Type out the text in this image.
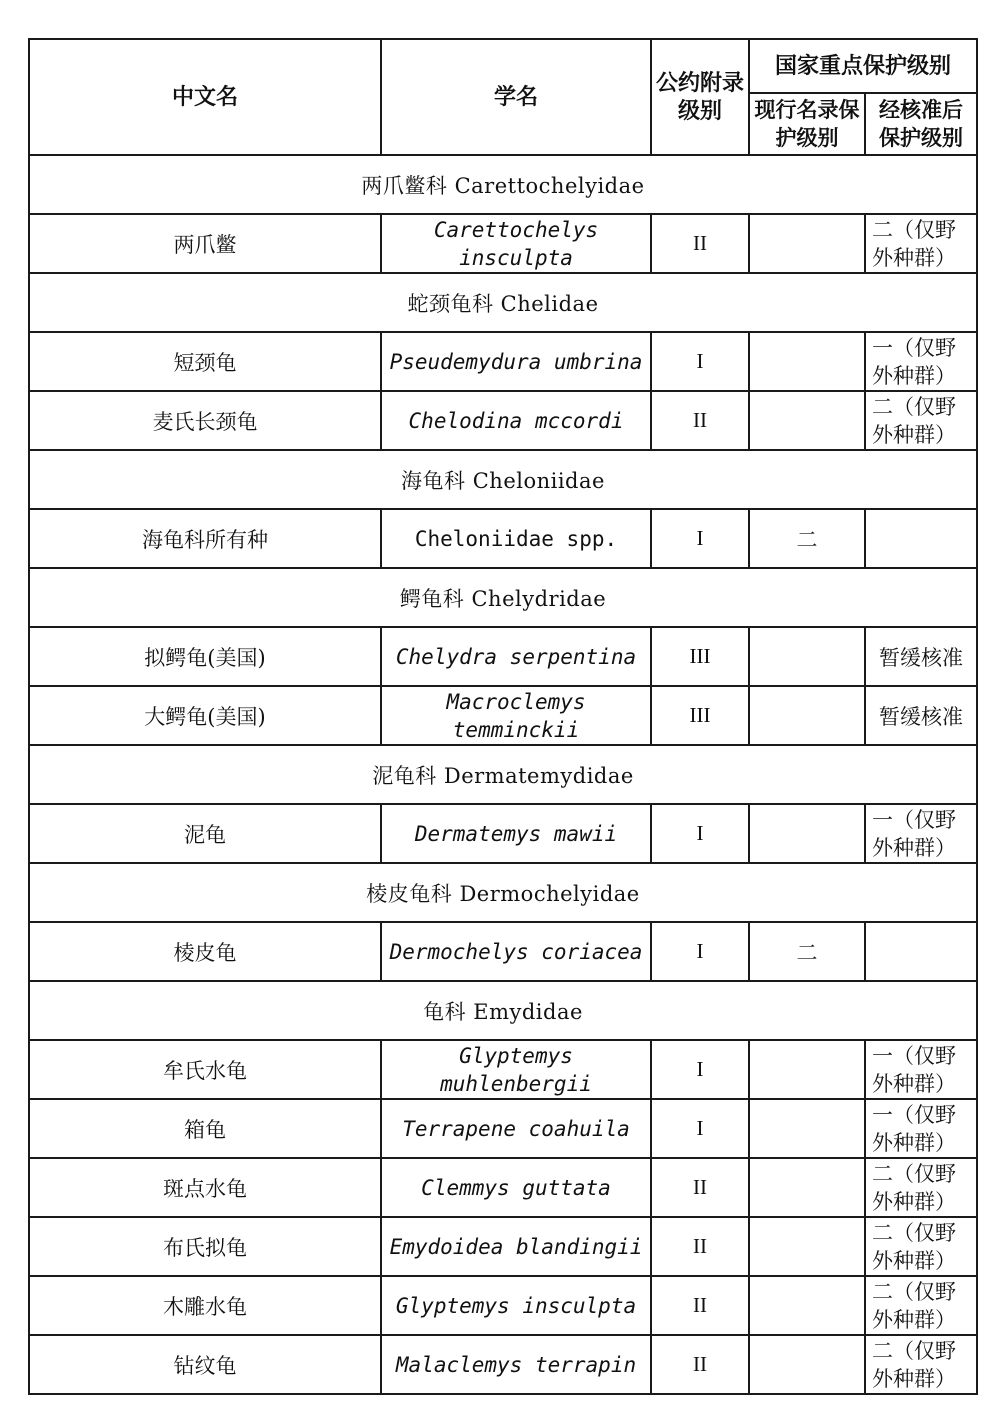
中文名	学名	公约附录级别	国家重点保护级别	
			现行名录保护级别	经核准后保护级别
两爪鳖科 Carettochelyidae				
两爪鳖	Carettochelys insculpta	II		二（仅野外种群）
蛇颈龟科 Chelidae				
短颈龟	Pseudemydura umbrina	I		一（仅野外种群）
麦氏长颈龟	Chelodina mccordi	II		二（仅野外种群）
海龟科 Cheloniidae				
海龟科所有种	Cheloniidae spp.	I	二	
鳄龟科 Chelydridae				
拟鳄龟(美国)	Chelydra serpentina	III		暂缓核准
大鳄龟(美国)	Macroclemys temminckii	III		暂缓核准
泥龟科 Dermatemydidae				
泥龟	Dermatemys mawii	I		一（仅野外种群）
棱皮龟科 Dermochelyidae				
棱皮龟	Dermochelys coriacea	I	二	
龟科 Emydidae				
牟氏水龟	Glyptemys muhlenbergii	I		一（仅野外种群）
箱龟	Terrapene coahuila	I		一（仅野外种群）
斑点水龟	Clemmys guttata	II		二（仅野外种群）
布氏拟龟	Emydoidea blandingii	II		二（仅野外种群）
木雕水龟	Glyptemys insculpta	II		二（仅野外种群）
钻纹龟	Malaclemys terrapin	II		二（仅野外种群）
